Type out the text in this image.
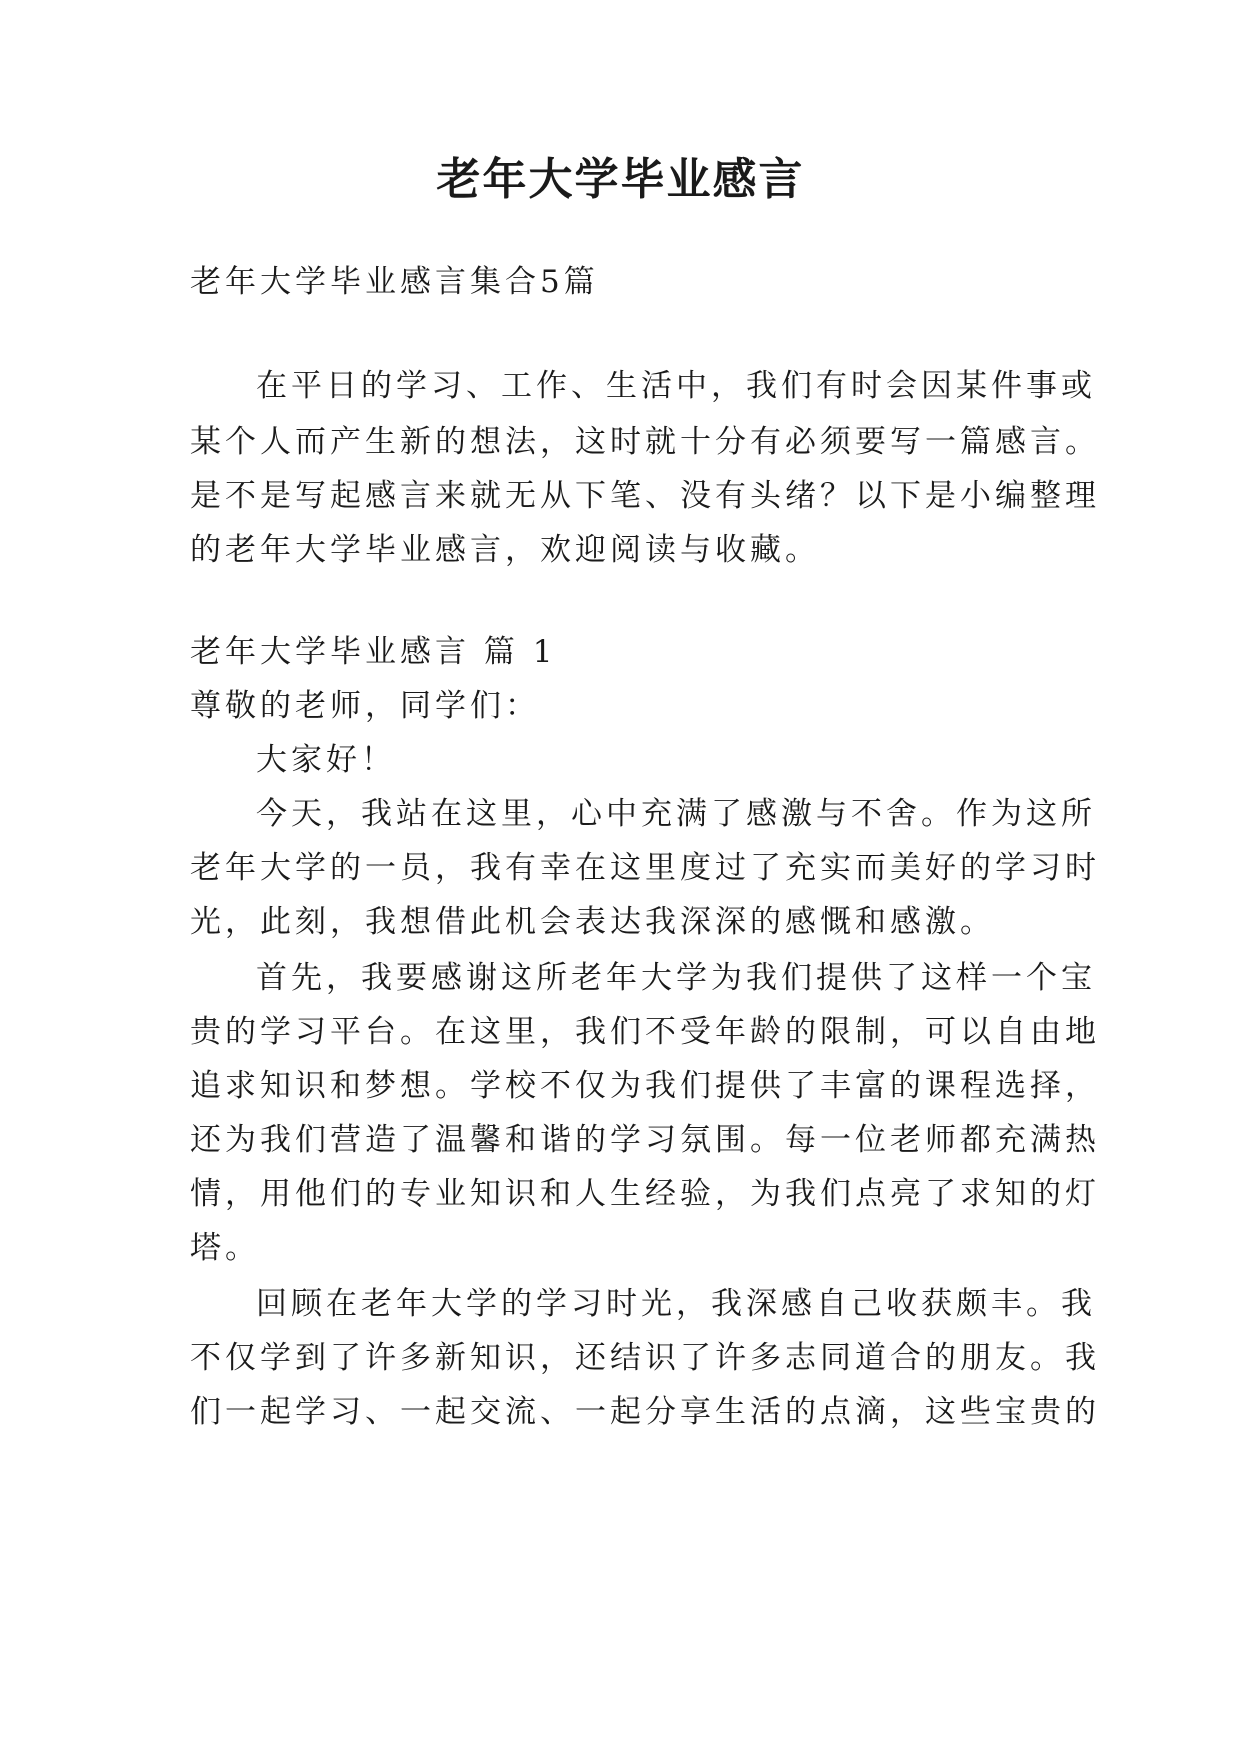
老年大学毕业感言
老年大学毕业感言集合5篇
在平日的学习、工作、生活中，我们有时会因某件事或
某个人而产生新的想法，这时就十分有必须要写一篇感言。
是不是写起感言来就无从下笔、没有头绪？以下是小编整理
的老年大学毕业感言，欢迎阅读与收藏。
老年大学毕业感言 篇 1
尊敬的老师，同学们：
大家好！
今天，我站在这里，心中充满了感激与不舍。作为这所
老年大学的一员，我有幸在这里度过了充实而美好的学习时
光，此刻，我想借此机会表达我深深的感慨和感激。
首先，我要感谢这所老年大学为我们提供了这样一个宝
贵的学习平台。在这里，我们不受年龄的限制，可以自由地
追求知识和梦想。学校不仅为我们提供了丰富的课程选择，
还为我们营造了温馨和谐的学习氛围。每一位老师都充满热
情，用他们的专业知识和人生经验，为我们点亮了求知的灯
塔。
回顾在老年大学的学习时光，我深感自己收获颇丰。我
不仅学到了许多新知识，还结识了许多志同道合的朋友。我
们一起学习、一起交流、一起分享生活的点滴，这些宝贵的
